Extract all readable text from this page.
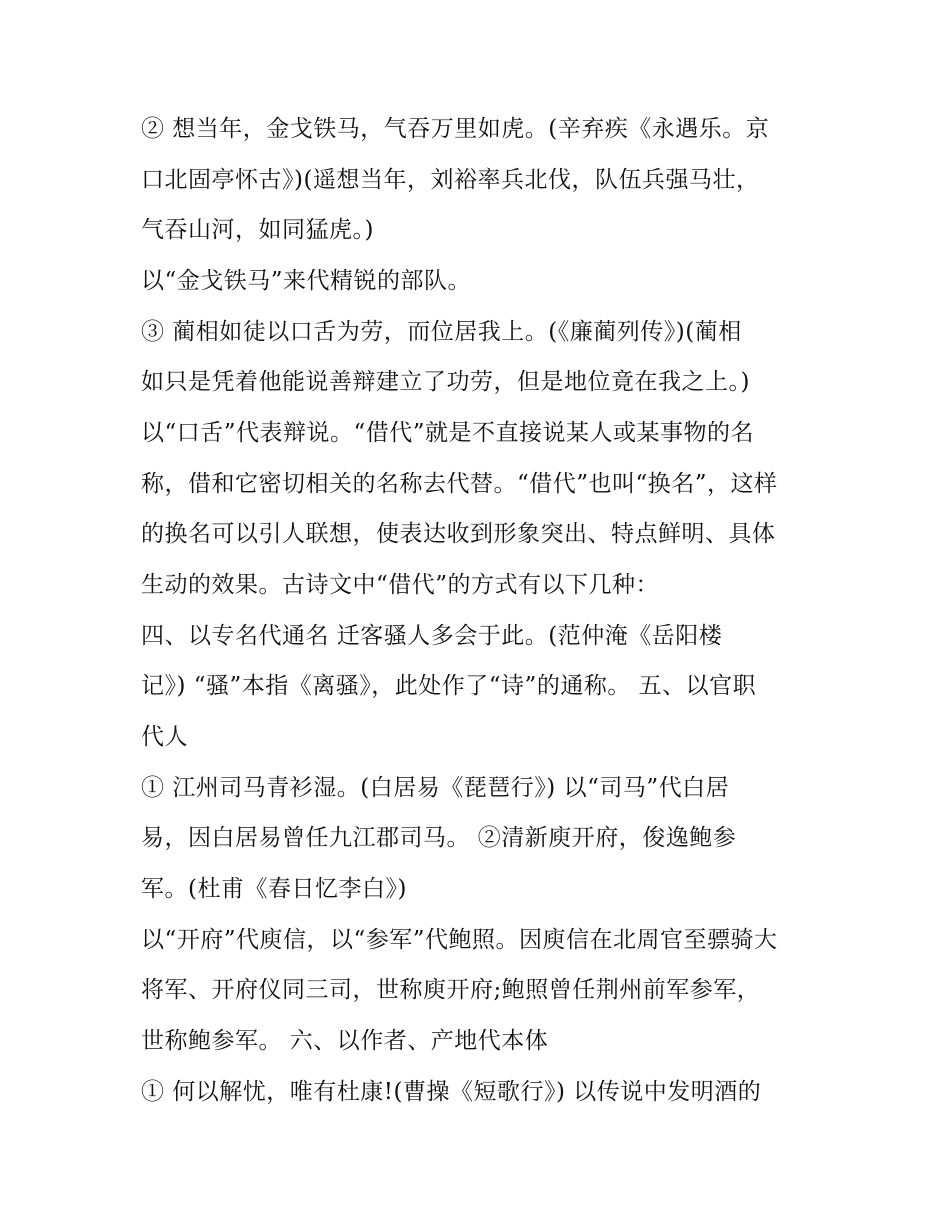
② 想当年，金戈铁马，气吞万里如虎。(辛弃疾《永遇乐。京
口北固亭怀古》)(遥想当年，刘裕率兵北伐，队伍兵强马壮，
气吞山河，如同猛虎。)
以“金戈铁马”来代精锐的部队。
③ 蔺相如徒以口舌为劳，而位居我上。(《廉蔺列传》)(蔺相
如只是凭着他能说善辩建立了功劳，但是地位竟在我之上。)
以“口舌”代表辩说。“借代”就是不直接说某人或某事物的名
称，借和它密切相关的名称去代替。“借代”也叫“换名”，这样
的换名可以引人联想，使表达收到形象突出、特点鲜明、具体
生动的效果。古诗文中“借代”的方式有以下几种：
四、以专名代通名 迁客骚人多会于此。(范仲淹《岳阳楼
记》) “骚”本指《离骚》，此处作了“诗”的通称。 五、以官职
代人
① 江州司马青衫湿。(白居易《琵琶行》) 以“司马”代白居
易，因白居易曾任九江郡司马。 ②清新庾开府，俊逸鲍参
军。(杜甫《春日忆李白》)
以“开府”代庾信，以“参军”代鲍照。因庾信在北周官至骠骑大
将军、开府仪同三司，世称庾开府;鲍照曾任荆州前军参军，
世称鲍参军。 六、以作者、产地代本体
① 何以解忧，唯有杜康!(曹操《短歌行》) 以传说中发明酒的
